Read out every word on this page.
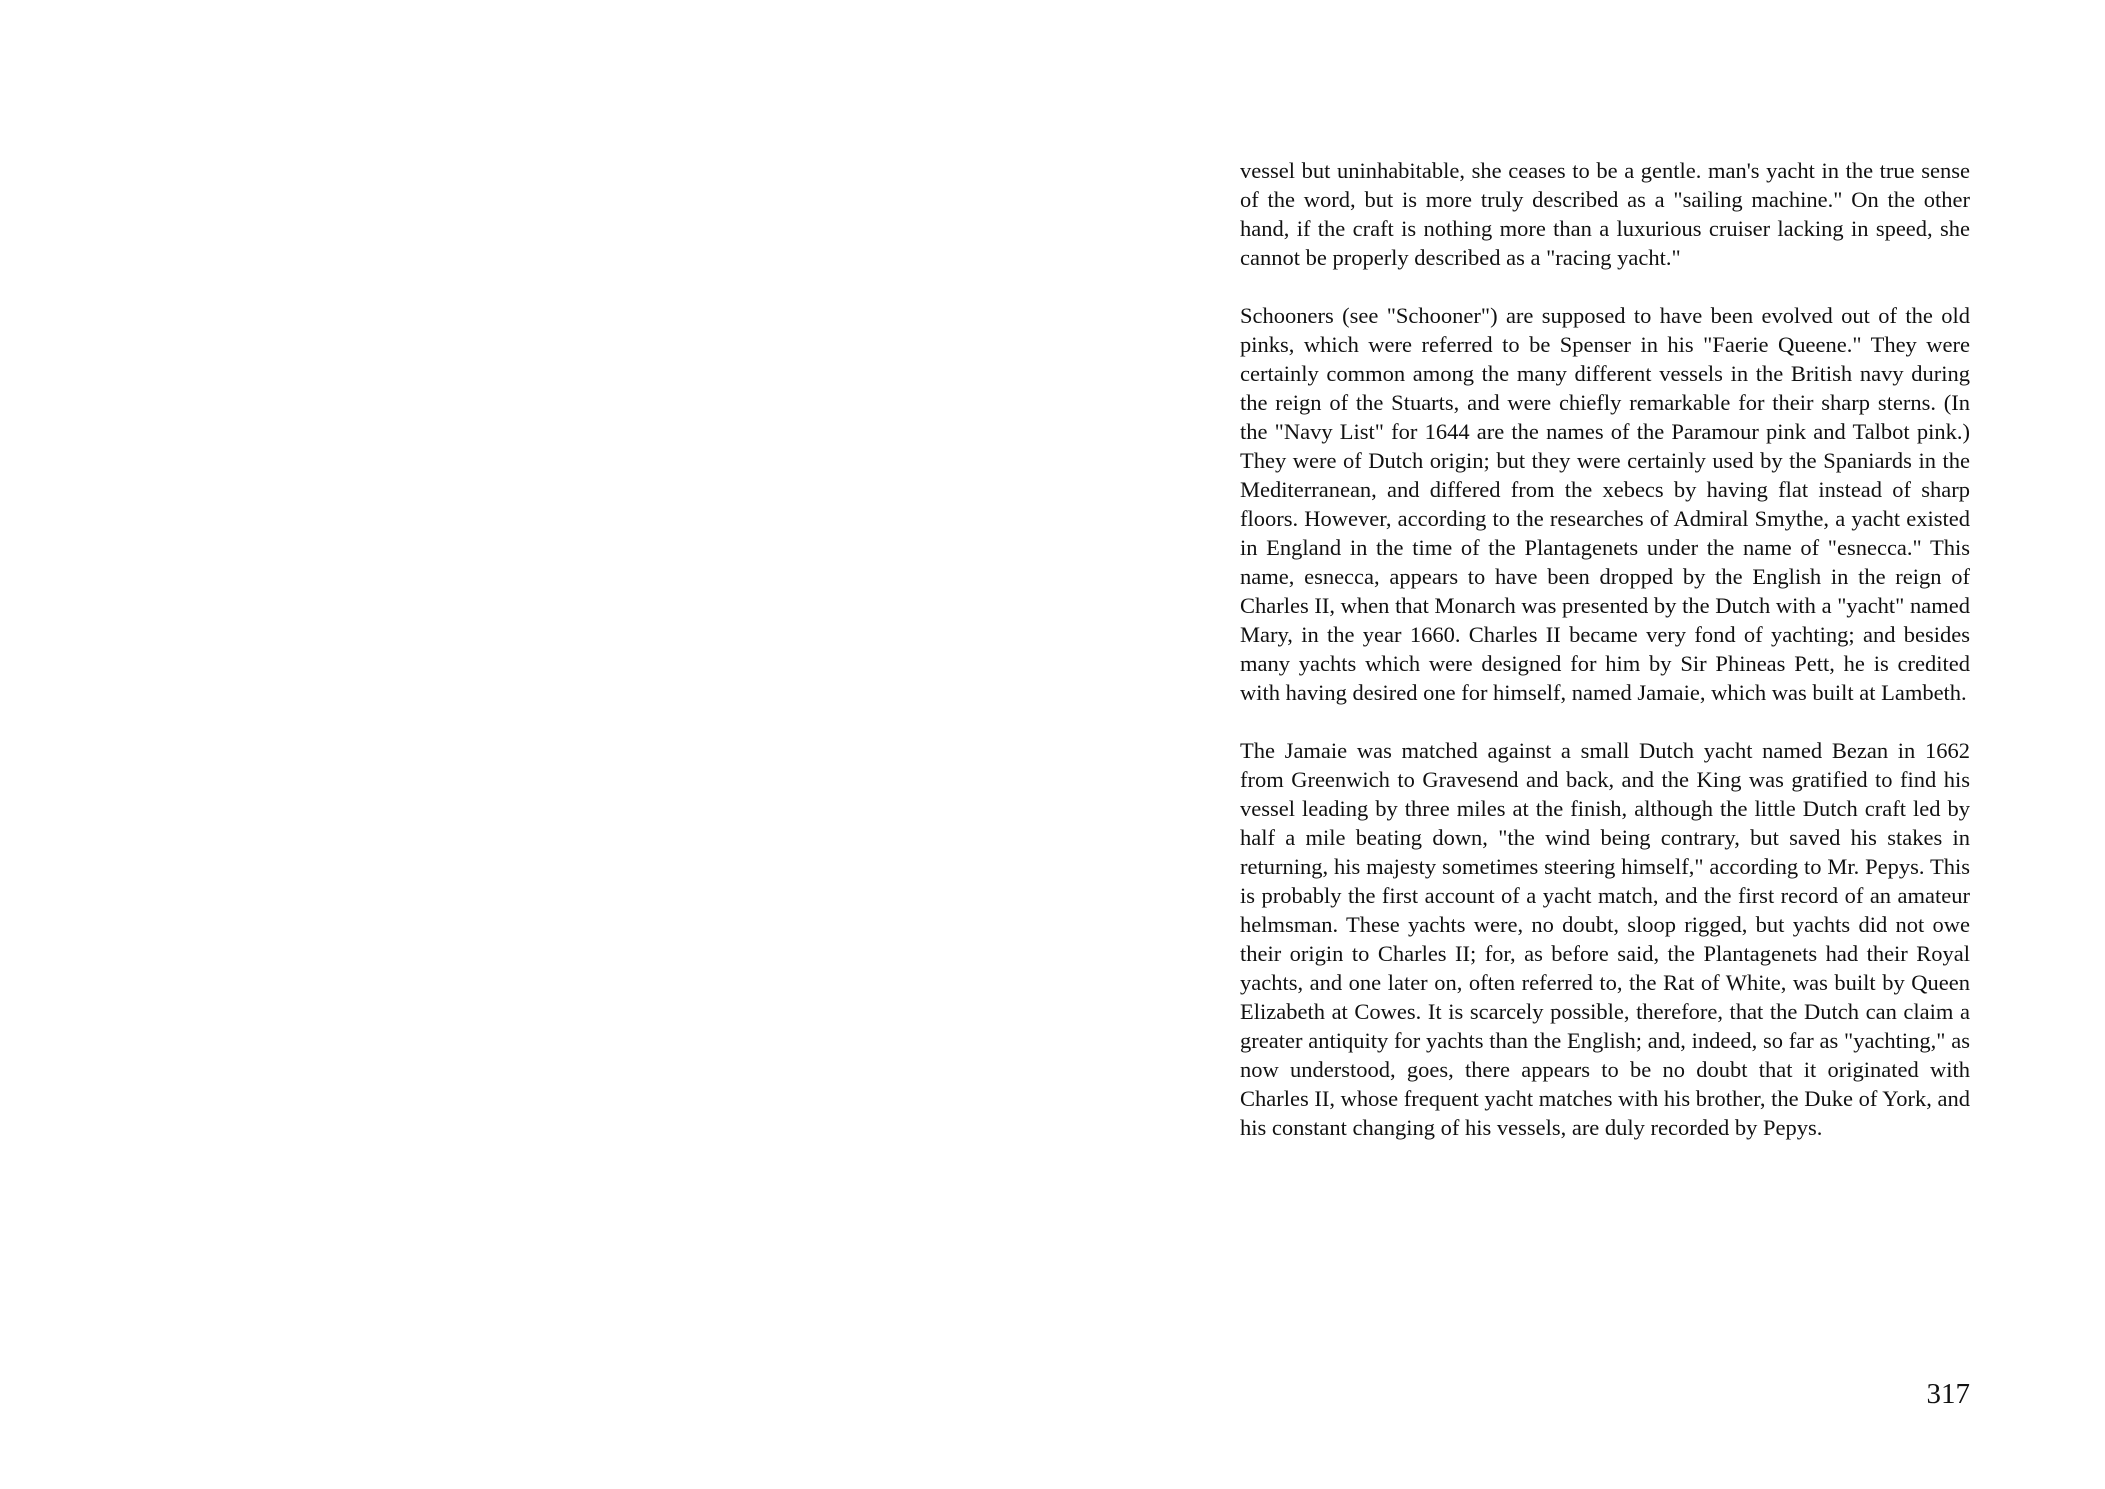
vessel but uninhabitable, she ceases to be a gentle. man's yacht in the true sense of the word, but is more truly described as a "sailing machine." On the other hand, if the craft is nothing more than a luxurious cruiser lacking in speed, she cannot be properly described as a "racing yacht."

Schooners (see "Schooner") are supposed to have been evolved out of the old pinks, which were referred to be Spenser in his "Faerie Queene." They were certainly common among the many different vessels in the British navy during the reign of the Stuarts, and were chiefly remarkable for their sharp sterns. (In the "Navy List" for 1644 are the names of the Paramour pink and Talbot pink.) They were of Dutch origin; but they were certainly used by the Spaniards in the Mediterranean, and differed from the xebecs by having flat instead of sharp floors. However, according to the researches of Admiral Smythe, a yacht existed in England in the time of the Plantagenets under the name of "esnecca." This name, esnecca, appears to have been dropped by the English in the reign of Charles II, when that Monarch was presented by the Dutch with a "yacht" named Mary, in the year 1660. Charles II became very fond of yachting; and besides many yachts which were designed for him by Sir Phineas Pett, he is credited with having desired one for himself, named Jamaie, which was built at Lambeth.

The Jamaie was matched against a small Dutch yacht named Bezan in 1662 from Greenwich to Gravesend and back, and the King was gratified to find his vessel leading by three miles at the finish, although the little Dutch craft led by half a mile beating down, "the wind being contrary, but saved his stakes in returning, his majesty sometimes steering himself," according to Mr. Pepys. This is probably the first account of a yacht match, and the first record of an amateur helmsman. These yachts were, no doubt, sloop rigged, but yachts did not owe their origin to Charles II; for, as before said, the Plantagenets had their Royal yachts, and one later on, often referred to, the Rat of White, was built by Queen Elizabeth at Cowes. It is scarcely possible, therefore, that the Dutch can claim a greater antiquity for yachts than the English; and, indeed, so far as "yachting," as now understood, goes, there appears to be no doubt that it originated with Charles II, whose frequent yacht matches with his brother, the Duke of York, and his constant changing of his vessels, are duly recorded by Pepys.

317
